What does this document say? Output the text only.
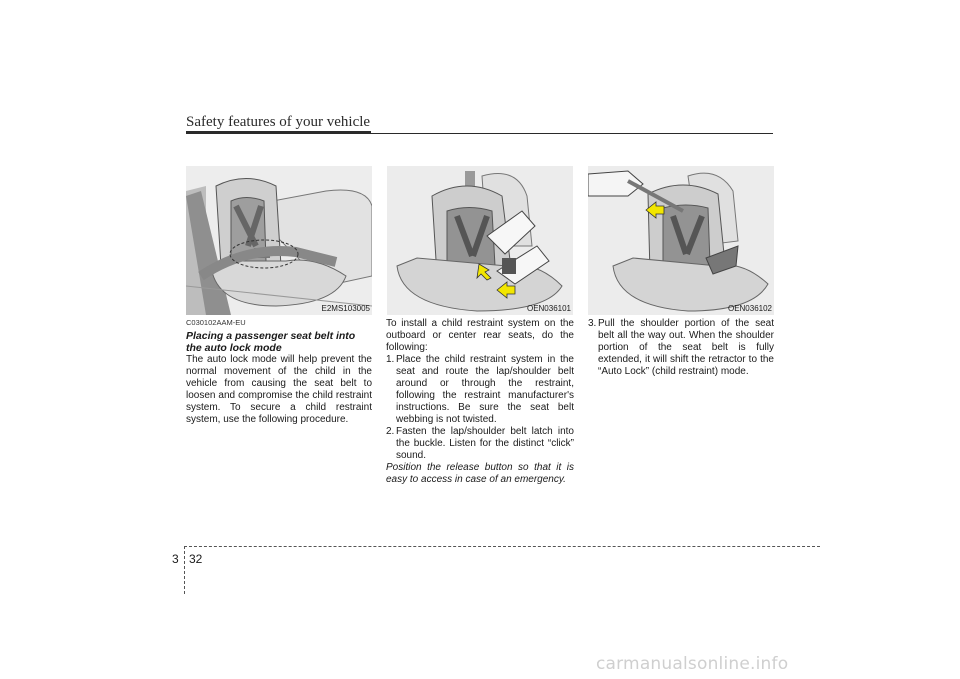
Safety features of your vehicle
E2MS103005	OEN036101	OEN036102

C030102AAM-EU

Placing a passenger seat belt into the auto lock mode

The auto lock mode will help prevent the normal movement of the child in the vehicle from causing the seat belt to loosen and compromise the child restraint system. To secure a child restraint system, use the following procedure.

To install a child restraint system on the outboard or center rear seats, do the following:

1. Place the child restraint system in the seat and route the lap/shoulder belt around or through the restraint, following the restraint manufacturer's instructions. Be sure the seat belt webbing is not twisted.
2. Fasten the lap/shoulder belt latch into the buckle. Listen for the distinct “click” sound.

Position the release button so that it is easy to access in case of an emergency.

3. Pull the shoulder portion of the seat belt all the way out. When the shoulder portion of the seat belt is fully extended, it will shift the retractor to the “Auto Lock” (child restraint) mode.
3 32
carmanualsonline.info
